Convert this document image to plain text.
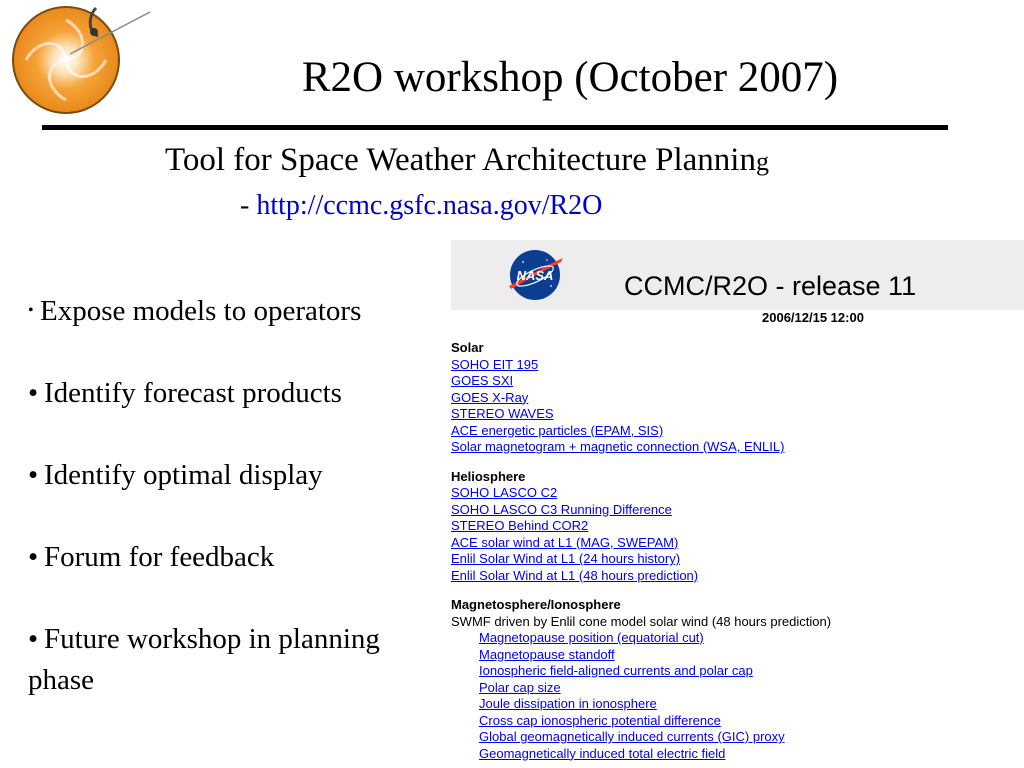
R2O workshop (October 2007)
Tool for Space Weather Architecture Planning
- http://ccmc.gsfc.nasa.gov/R2O
• Expose models to operators
• Identify forecast products
• Identify optimal display
• Forum for feedback
• Future workshop in planning phase
NASA	CCMC/R2O - release 11
2006/12/15 12:00
Solar
SOHO EIT 195
GOES SXI
GOES X-Ray
STEREO WAVES
ACE energetic particles (EPAM, SIS)
Solar magnetogram + magnetic connection (WSA, ENLIL)
Heliosphere
SOHO LASCO C2
SOHO LASCO C3 Running Difference
STEREO Behind COR2
ACE solar wind at L1 (MAG, SWEPAM)
Enlil Solar Wind at L1 (24 hours history)
Enlil Solar Wind at L1 (48 hours prediction)
Magnetosphere/Ionosphere
SWMF driven by Enlil cone model solar wind (48 hours prediction)
Magnetopause position (equatorial cut)
Magnetopause standoff
Ionospheric field-aligned currents and polar cap
Polar cap size
Joule dissipation in ionosphere
Cross cap ionospheric potential difference
Global geomagnetically induced currents (GIC) proxy
Geomagnetically induced total electric field
